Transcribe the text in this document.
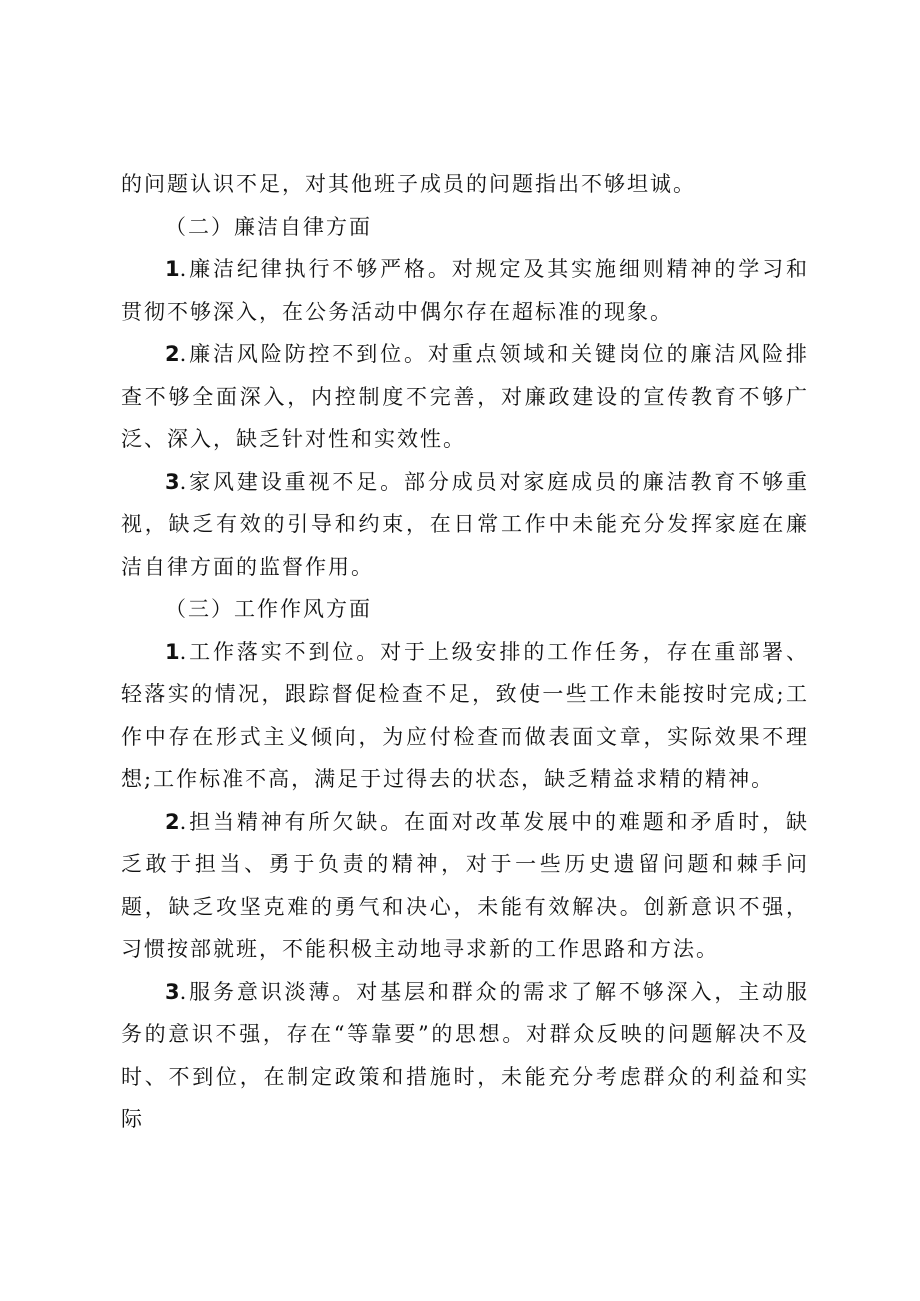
的问题认识不足，对其他班子成员的问题指出不够坦诚。

（二）廉洁自律方面

1.廉洁纪律执行不够严格。对规定及其实施细则精神的学习和贯彻不够深入，在公务活动中偶尔存在超标准的现象。

2.廉洁风险防控不到位。对重点领域和关键岗位的廉洁风险排查不够全面深入，内控制度不完善，对廉政建设的宣传教育不够广泛、深入，缺乏针对性和实效性。

3.家风建设重视不足。部分成员对家庭成员的廉洁教育不够重视，缺乏有效的引导和约束，在日常工作中未能充分发挥家庭在廉洁自律方面的监督作用。

（三）工作作风方面

1.工作落实不到位。对于上级安排的工作任务，存在重部署、轻落实的情况，跟踪督促检查不足，致使一些工作未能按时完成;工作中存在形式主义倾向，为应付检查而做表面文章，实际效果不理想;工作标准不高，满足于过得去的状态，缺乏精益求精的精神。

2.担当精神有所欠缺。在面对改革发展中的难题和矛盾时，缺乏敢于担当、勇于负责的精神，对于一些历史遗留问题和棘手问题，缺乏攻坚克难的勇气和决心，未能有效解决。创新意识不强，习惯按部就班，不能积极主动地寻求新的工作思路和方法。

3.服务意识淡薄。对基层和群众的需求了解不够深入，主动服务的意识不强，存在“等靠要”的思想。对群众反映的问题解决不及时、不到位，在制定政策和措施时，未能充分考虑群众的利益和实际
